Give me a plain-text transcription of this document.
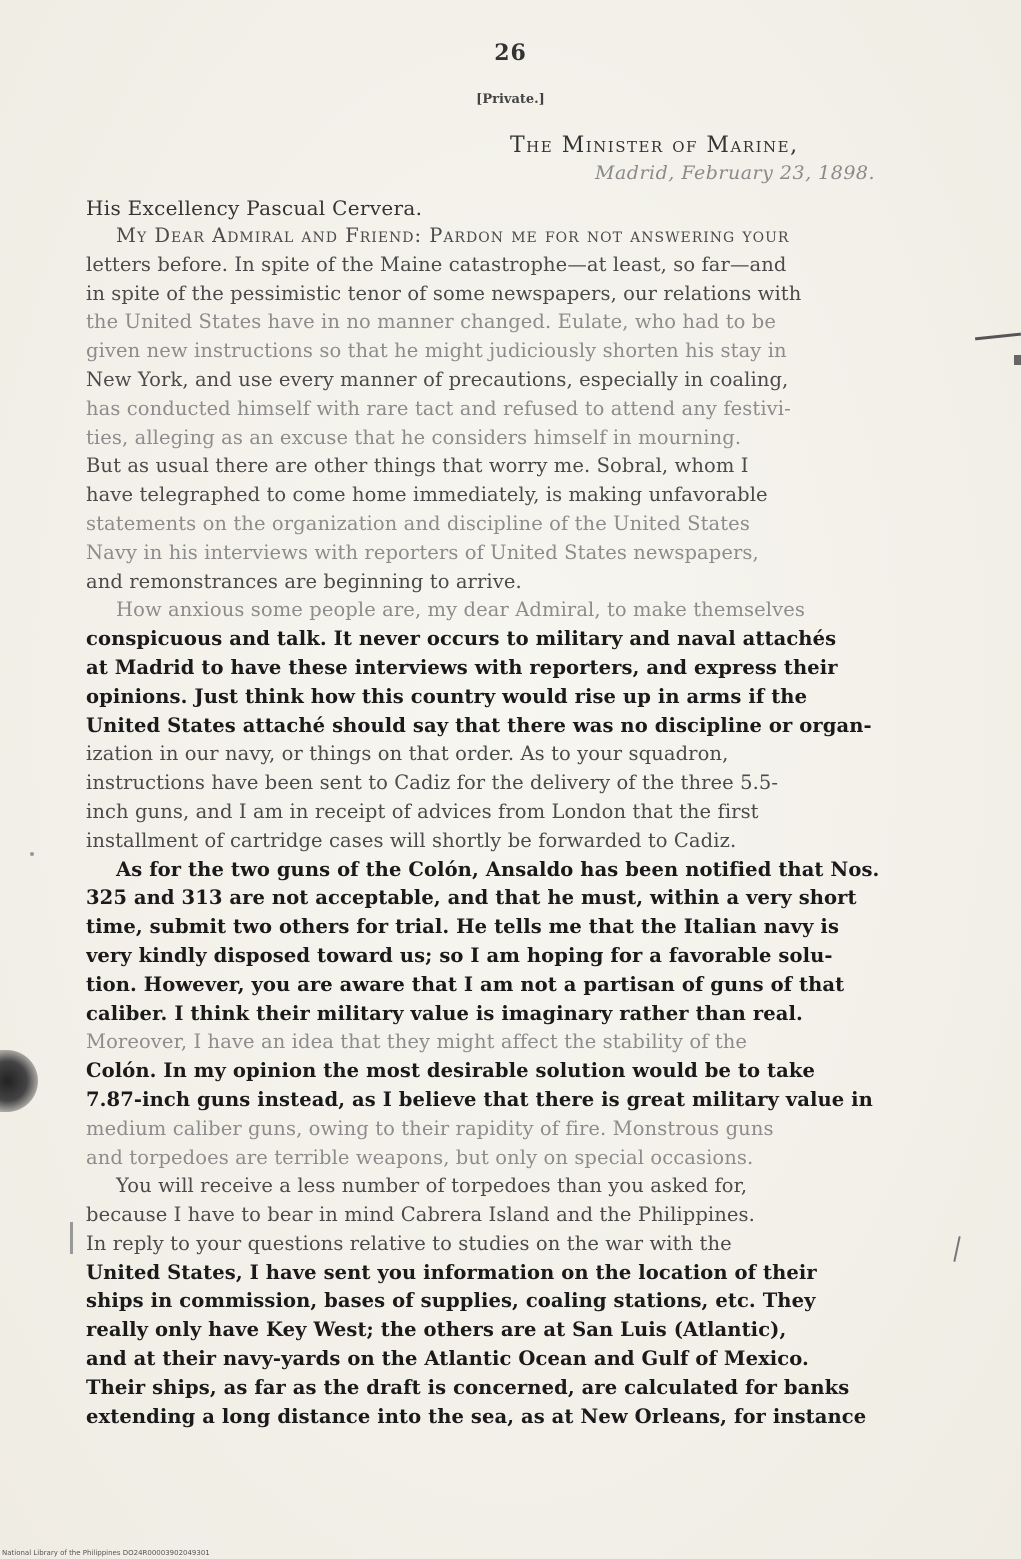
26
[Private.]
The Minister of Marine,
Madrid, February 23, 1898.
His Excellency Pascual Cervera.
My Dear Admiral and Friend: Pardon me for not answering your
letters before. In spite of the Maine catastrophe—at least, so far—and
in spite of the pessimistic tenor of some newspapers, our relations with
the United States have in no manner changed. Eulate, who had to be
given new instructions so that he might judiciously shorten his stay in
New York, and use every manner of precautions, especially in coaling,
has conducted himself with rare tact and refused to attend any festivi-
ties, alleging as an excuse that he considers himself in mourning.
But as usual there are other things that worry me. Sobral, whom I
have telegraphed to come home immediately, is making unfavorable
statements on the organization and discipline of the United States
Navy in his interviews with reporters of United States newspapers,
and remonstrances are beginning to arrive.
How anxious some people are, my dear Admiral, to make themselves
conspicuous and talk. It never occurs to military and naval attachés
at Madrid to have these interviews with reporters, and express their
opinions. Just think how this country would rise up in arms if the
United States attaché should say that there was no discipline or organ-
ization in our navy, or things on that order. As to your squadron,
instructions have been sent to Cadiz for the delivery of the three 5.5-
inch guns, and I am in receipt of advices from London that the first
installment of cartridge cases will shortly be forwarded to Cadiz.
As for the two guns of the Colón, Ansaldo has been notified that Nos.
325 and 313 are not acceptable, and that he must, within a very short
time, submit two others for trial. He tells me that the Italian navy is
very kindly disposed toward us; so I am hoping for a favorable solu-
tion. However, you are aware that I am not a partisan of guns of that
caliber. I think their military value is imaginary rather than real.
Moreover, I have an idea that they might affect the stability of the
Colón. In my opinion the most desirable solution would be to take
7.87-inch guns instead, as I believe that there is great military value in
medium caliber guns, owing to their rapidity of fire. Monstrous guns
and torpedoes are terrible weapons, but only on special occasions.
You will receive a less number of torpedoes than you asked for,
because I have to bear in mind Cabrera Island and the Philippines.
In reply to your questions relative to studies on the war with the
United States, I have sent you information on the location of their
ships in commission, bases of supplies, coaling stations, etc. They
really only have Key West; the others are at San Luis (Atlantic),
and at their navy-yards on the Atlantic Ocean and Gulf of Mexico.
Their ships, as far as the draft is concerned, are calculated for banks
extending a long distance into the sea, as at New Orleans, for instance
National Library of the Philippines DO24R00003902049301
